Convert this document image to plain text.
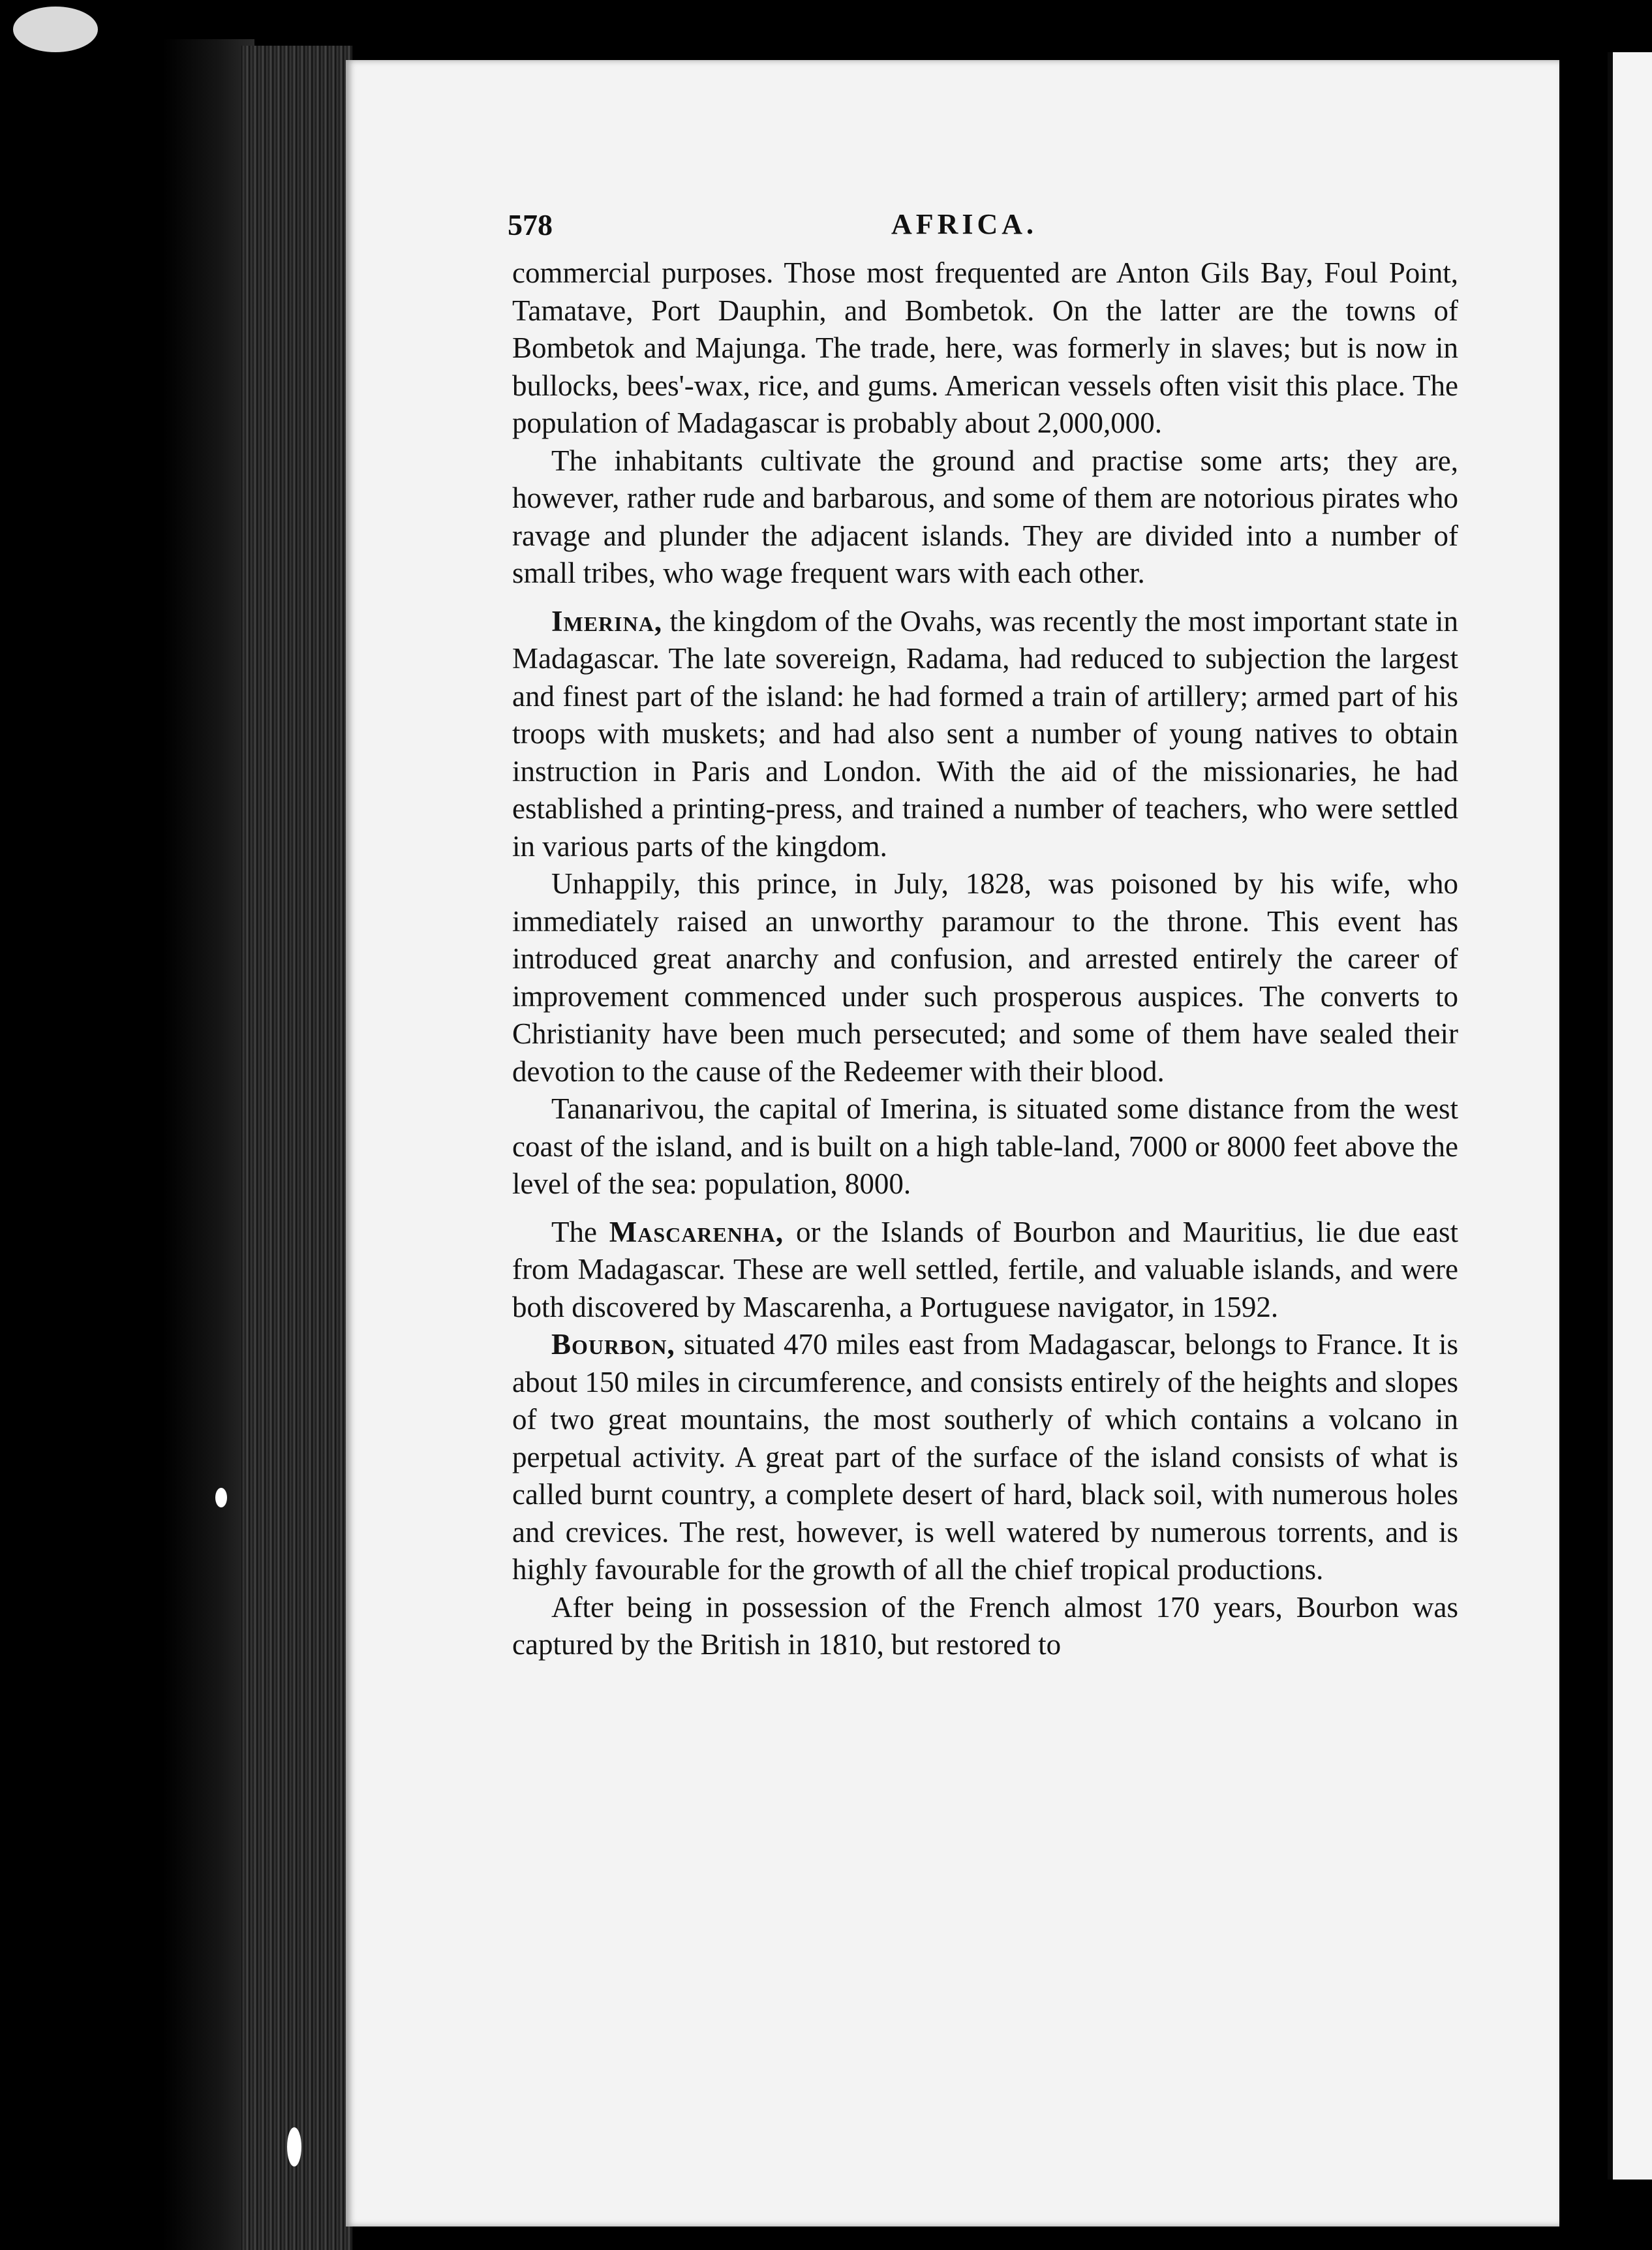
578	AFRICA.

commercial purposes. Those most frequented are Anton Gils Bay, Foul Point, Tamatave, Port Dauphin, and Bombetok. On the latter are the towns of Bombetok and Majunga. The trade, here, was formerly in slaves; but is now in bullocks, bees'-wax, rice, and gums. American vessels often visit this place. The population of Madagascar is probably about 2,000,000.

The inhabitants cultivate the ground and practise some arts; they are, however, rather rude and barbarous, and some of them are notorious pirates who ravage and plunder the adjacent islands. They are divided into a number of small tribes, who wage frequent wars with each other.

Imerina, the kingdom of the Ovahs, was recently the most important state in Madagascar. The late sovereign, Radama, had reduced to subjection the largest and finest part of the island: he had formed a train of artillery; armed part of his troops with muskets; and had also sent a number of young natives to obtain instruction in Paris and London. With the aid of the missionaries, he had established a printing-press, and trained a number of teachers, who were settled in various parts of the kingdom.

Unhappily, this prince, in July, 1828, was poisoned by his wife, who immediately raised an unworthy paramour to the throne. This event has introduced great anarchy and confusion, and arrested entirely the career of improvement commenced under such prosperous auspices. The converts to Christianity have been much persecuted; and some of them have sealed their devotion to the cause of the Redeemer with their blood.

Tananarivou, the capital of Imerina, is situated some distance from the west coast of the island, and is built on a high table-land, 7000 or 8000 feet above the level of the sea: population, 8000.

The Mascarenha, or the Islands of Bourbon and Mauritius, lie due east from Madagascar. These are well settled, fertile, and valuable islands, and were both discovered by Mascarenha, a Portuguese navigator, in 1592.

Bourbon, situated 470 miles east from Madagascar, belongs to France. It is about 150 miles in circumference, and consists entirely of the heights and slopes of two great mountains, the most southerly of which contains a volcano in perpetual activity. A great part of the surface of the island consists of what is called burnt country, a complete desert of hard, black soil, with numerous holes and crevices. The rest, however, is well watered by numerous torrents, and is highly favourable for the growth of all the chief tropical productions.

After being in possession of the French almost 170 years, Bourbon was captured by the British in 1810, but restored to
